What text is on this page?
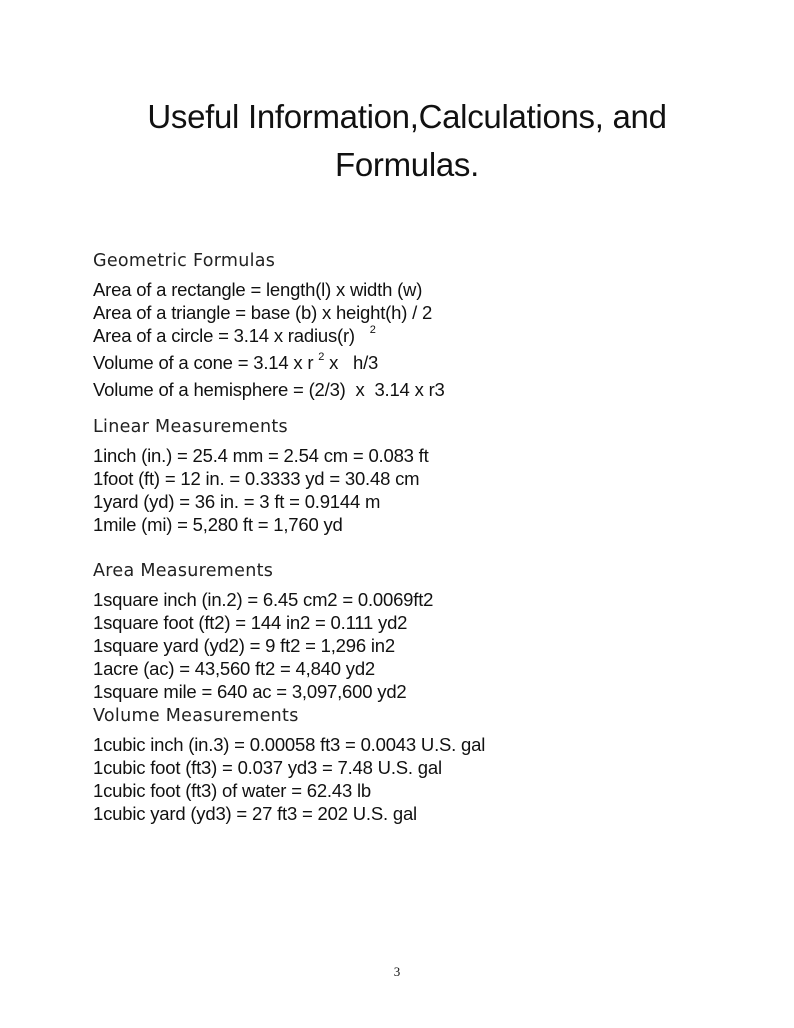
Useful Information,Calculations, and
Formulas.

Geometric Formulas

Area of a rectangle = length(l) x width (w)

Area of a triangle = base (b) x height(h) / 2

Area of a circle = 3.14 x radius(r) $^2$

Volume of a cone = 3.14 x r $^2$ x   h/3

Volume of a hemisphere = (2/3)  x  3.14 x r3

Linear Measurements

1inch (in.) = 25.4 mm = 2.54 cm = 0.083 ft

1foot (ft) = 12 in. = 0.3333 yd = 30.48 cm

1yard (yd) = 36 in. = 3 ft = 0.9144 m

1mile (mi) = 5,280 ft = 1,760 yd

Area Measurements

1square inch (in.2) = 6.45 cm2 = 0.0069ft2

1square foot (ft2) = 144 in2 = 0.111 yd2

1square yard (yd2) = 9 ft2 = 1,296 in2

1acre (ac) = 43,560 ft2 = 4,840 yd2

1square mile = 640 ac = 3,097,600 yd2

Volume Measurements

1cubic inch (in.3) = 0.00058 ft3 = 0.0043 U.S. gal

1cubic foot (ft3) = 0.037 yd3 = 7.48 U.S. gal

1cubic foot (ft3) of water = 62.43 lb

1cubic yard (yd3) = 27 ft3 = 202 U.S. gal

3
